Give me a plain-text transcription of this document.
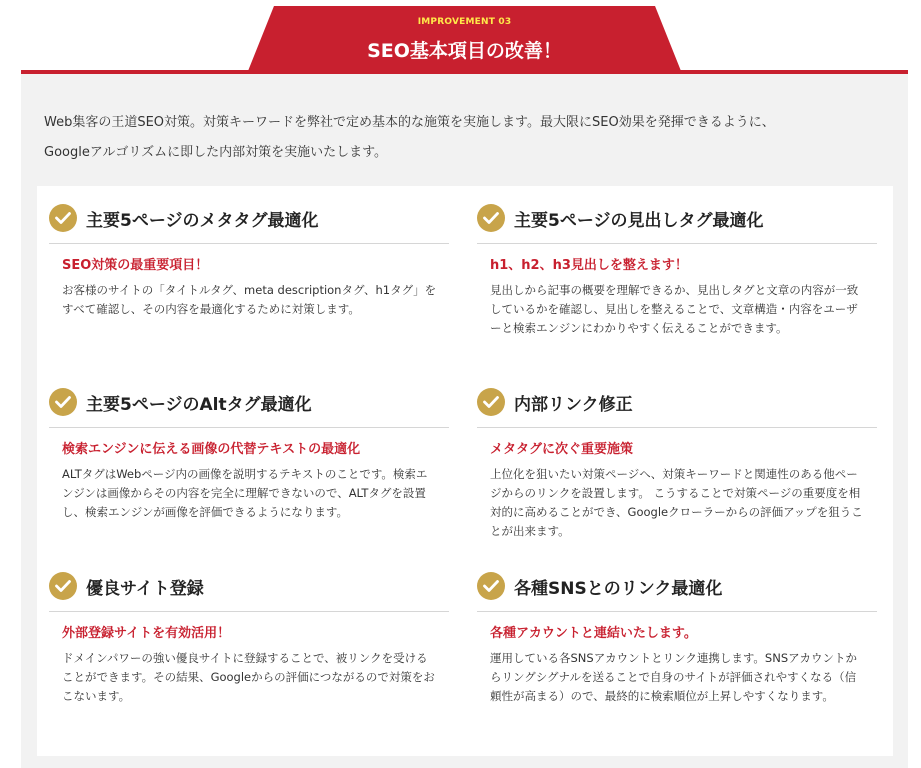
IMPROVEMENT 03
SEO基本項目の改善！

Web集客の王道SEO対策。対策キーワードを弊社で定め基本的な施策を実施します。最大限にSEO効果を発揮できるように、

Googleアルゴリズムに即した内部対策を実施いたします。

主要5ページのメタタグ最適化
SEO対策の最重要項目！
お客様のサイトの「タイトルタグ、meta descriptionタグ、h1タグ」をすべて確認し、その内容を最適化するために対策します。
主要5ページの見出しタグ最適化
h1、h2、h3見出しを整えます！
見出しから記事の概要を理解できるか、見出しタグと文章の内容が一致しているかを確認し、見出しを整えることで、文章構造・内容をユーザーと検索エンジンにわかりやすく伝えることができます。
主要5ページのAltタグ最適化
検索エンジンに伝える画像の代替テキストの最適化
ALTタグはWebページ内の画像を説明するテキストのことです。検索エンジンは画像からその内容を完全に理解できないので、ALTタグを設置し、検索エンジンが画像を評価できるようになります。
内部リンク修正
メタタグに次ぐ重要施策
上位化を狙いたい対策ページへ、対策キーワードと関連性のある他ページからのリンクを設置します。 こうすることで対策ページの重要度を相対的に高めることができ、Googleクローラーからの評価アップを狙うことが出来ます。
優良サイト登録
外部登録サイトを有効活用！
ドメインパワーの強い優良サイトに登録することで、被リンクを受けることができます。その結果、Googleからの評価につながるので対策をおこないます。
各種SNSとのリンク最適化
各種アカウントと連結いたします。
運用している各SNSアカウントとリンク連携します。SNSアカウントからリングシグナルを送ることで自身のサイトが評価されやすくなる（信頼性が高まる）ので、最終的に検索順位が上昇しやすくなります。
